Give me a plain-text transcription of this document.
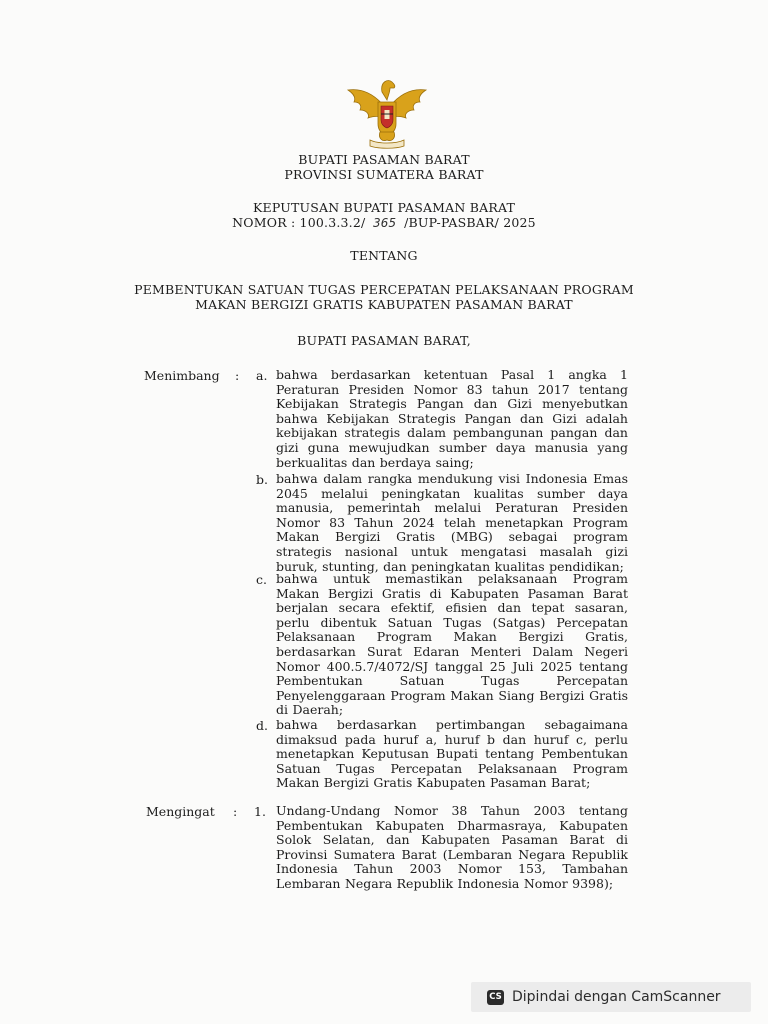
BUPATI PASAMAN BARAT
PROVINSI SUMATERA BARAT
KEPUTUSAN BUPATI PASAMAN BARAT
NOMOR : 100.3.3.2/ 365 /BUP-PASBAR/ 2025
TENTANG
PEMBENTUKAN SATUAN TUGAS PERCEPATAN PELAKSANAAN PROGRAM
MAKAN BERGIZI GRATIS KABUPATEN PASAMAN BARAT
BUPATI PASAMAN BARAT,
Menimbang : a. bahwa berdasarkan ketentuan Pasal 1 angka 1 Peraturan Presiden Nomor 83 tahun 2017 tentang Kebijakan Strategis Pangan dan Gizi menyebutkan bahwa Kebijakan Strategis Pangan dan Gizi adalah kebijakan strategis dalam pembangunan pangan dan gizi guna mewujudkan sumber daya manusia yang berkualitas dan berdaya saing;
b. bahwa dalam rangka mendukung visi Indonesia Emas 2045 melalui peningkatan kualitas sumber daya manusia, pemerintah melalui Peraturan Presiden Nomor 83 Tahun 2024 telah menetapkan Program Makan Bergizi Gratis (MBG) sebagai program strategis nasional untuk mengatasi masalah gizi buruk, stunting, dan peningkatan kualitas pendidikan;
c. bahwa untuk memastikan pelaksanaan Program Makan Bergizi Gratis di Kabupaten Pasaman Barat berjalan secara efektif, efisien dan tepat sasaran, perlu dibentuk Satuan Tugas (Satgas) Percepatan Pelaksanaan Program Makan Bergizi Gratis, berdasarkan Surat Edaran Menteri Dalam Negeri Nomor 400.5.7/4072/SJ tanggal 25 Juli 2025 tentang Pembentukan Satuan Tugas Percepatan Penyelenggaraan Program Makan Siang Bergizi Gratis di Daerah;
d. bahwa berdasarkan pertimbangan sebagaimana dimaksud pada huruf a, huruf b dan huruf c, perlu menetapkan Keputusan Bupati tentang Pembentukan Satuan Tugas Percepatan Pelaksanaan Program Makan Bergizi Gratis Kabupaten Pasaman Barat;
Mengingat : 1. Undang-Undang Nomor 38 Tahun 2003 tentang Pembentukan Kabupaten Dharmasraya, Kabupaten Solok Selatan, dan Kabupaten Pasaman Barat di Provinsi Sumatera Barat (Lembaran Negara Republik Indonesia Tahun 2003 Nomor 153, Tambahan Lembaran Negara Republik Indonesia Nomor 9398);
CS Dipindai dengan CamScanner
